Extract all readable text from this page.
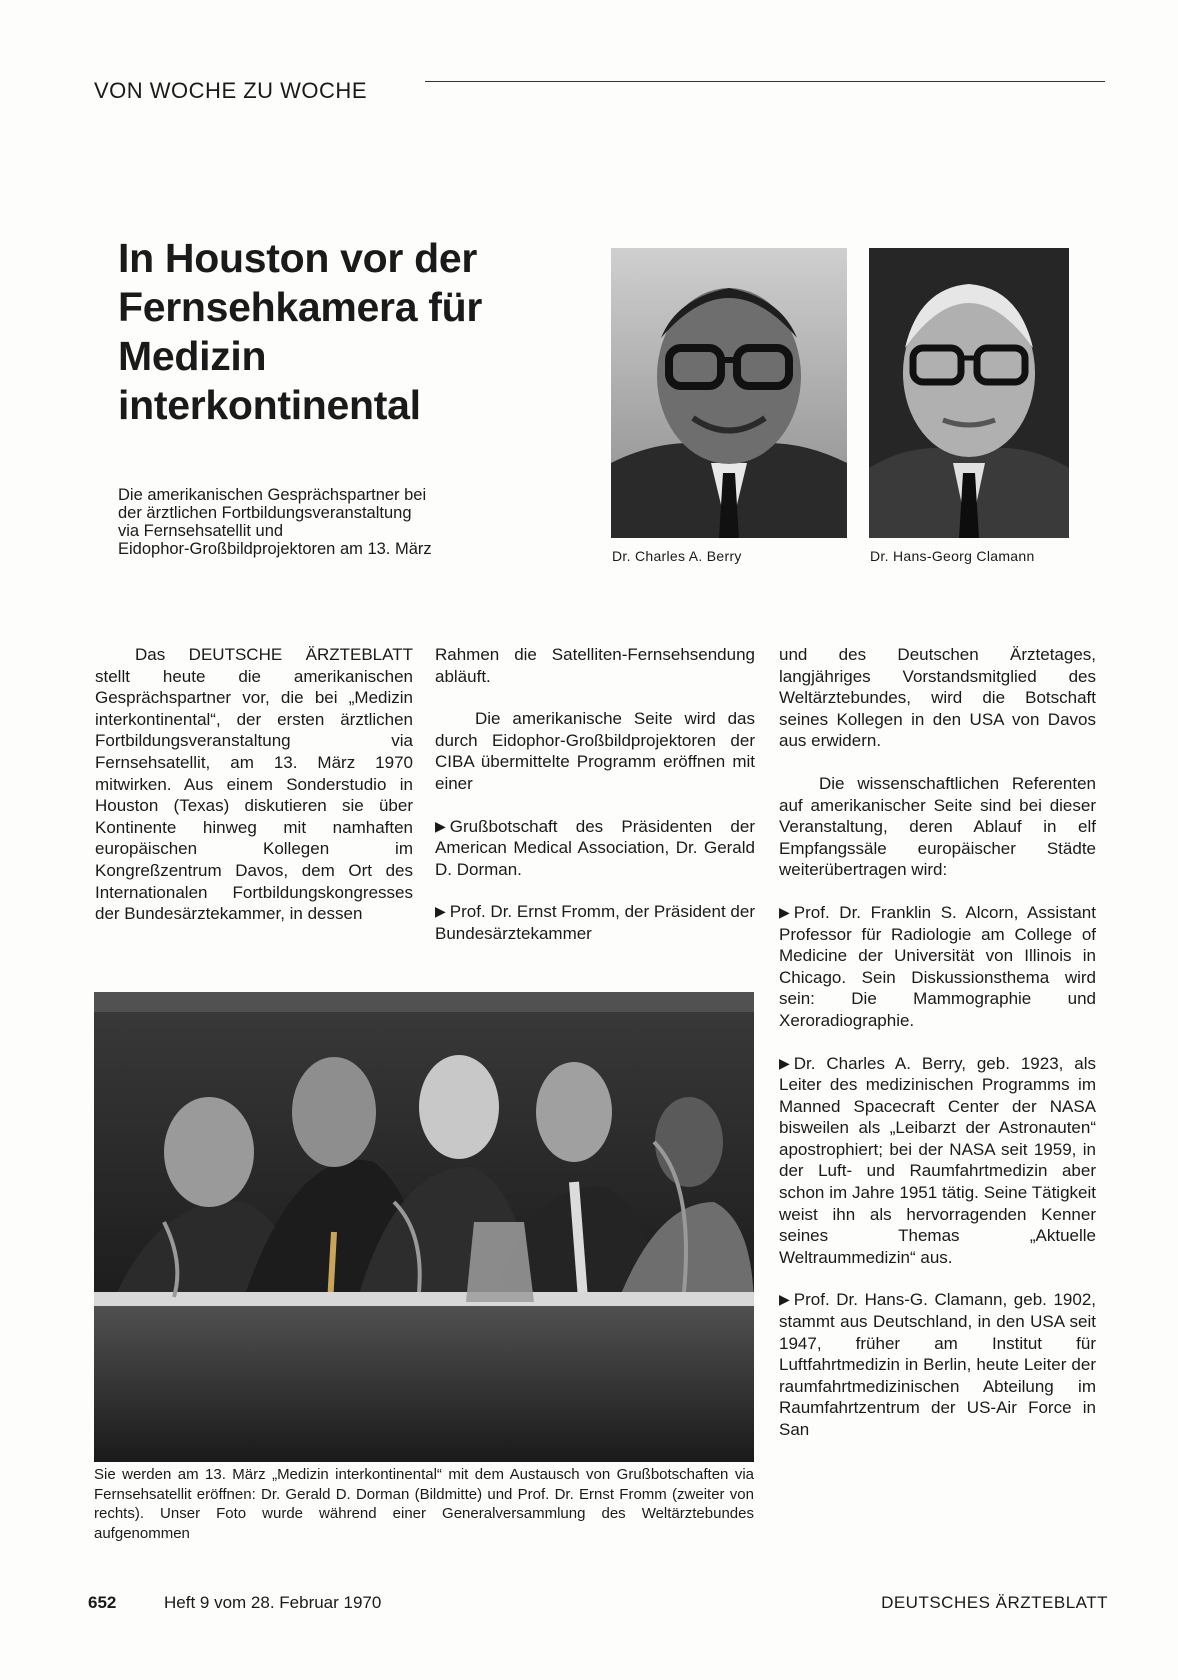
VON WOCHE ZU WOCHE
In Houston vor der
Fernsehkamera für
Medizin
interkontinental
Die amerikanischen Gesprächspartner bei
der ärztlichen Fortbildungsveranstaltung
via Fernsehsatellit und
Eidophor-Großbildprojektoren am 13. März	Dr. Charles A. Berry	Dr. Hans-Georg Clamann

Das DEUTSCHE ÄRZTEBLATT stellt heute die amerikanischen Gesprächspartner vor, die bei „Medizin interkontinental“, der ersten ärztlichen Fortbildungsveranstaltung via Fernsehsatellit, am 13. März 1970 mitwirken. Aus einem Sonderstudio in Houston (Texas) diskutieren sie über Kontinente hinweg mit namhaften europäischen Kollegen im Kongreßzentrum Davos, dem Ort des Internationalen Fortbildungskongresses der Bundesärztekammer, in dessen

Rahmen die Satelliten-Fernsehsendung abläuft.

Die amerikanische Seite wird das durch Eidophor-Großbildprojektoren der CIBA übermittelte Programm eröffnen mit einer

▶ Grußbotschaft des Präsidenten der American Medical Association, Dr. Gerald D. Dorman.

▶ Prof. Dr. Ernst Fromm, der Präsident der Bundesärztekammer

und des Deutschen Ärztetages, langjähriges Vorstandsmitglied des Weltärztebundes, wird die Botschaft seines Kollegen in den USA von Davos aus erwidern.

Die wissenschaftlichen Referenten auf amerikanischer Seite sind bei dieser Veranstaltung, deren Ablauf in elf Empfangssäle europäischer Städte weiterübertragen wird:

▶ Prof. Dr. Franklin S. Alcorn, Assistant Professor für Radiologie am College of Medicine der Universität von Illinois in Chicago. Sein Diskussionsthema wird sein: Die Mammographie und Xeroradiographie.

▶ Dr. Charles A. Berry, geb. 1923, als Leiter des medizinischen Programms im Manned Spacecraft Center der NASA bisweilen als „Leibarzt der Astronauten“ apostrophiert; bei der NASA seit 1959, in der Luft- und Raumfahrtmedizin aber schon im Jahre 1951 tätig. Seine Tätigkeit weist ihn als hervorragenden Kenner seines Themas „Aktuelle Weltraummedizin“ aus.

▶ Prof. Dr. Hans-G. Clamann, geb. 1902, stammt aus Deutschland, in den USA seit 1947, früher am Institut für Luftfahrtmedizin in Berlin, heute Leiter der raumfahrtmedizinischen Abteilung im Raumfahrtzentrum der US-Air Force in San

Sie werden am 13. März „Medizin interkontinental“ mit dem Austausch von Grußbotschaften via Fernsehsatellit eröffnen: Dr. Gerald D. Dorman (Bildmitte) und Prof. Dr. Ernst Fromm (zweiter von rechts). Unser Foto wurde während einer Generalversammlung des Weltärztebundes aufgenommen
652	Heft 9 vom 28. Februar 1970	DEUTSCHES ÄRZTEBLATT
